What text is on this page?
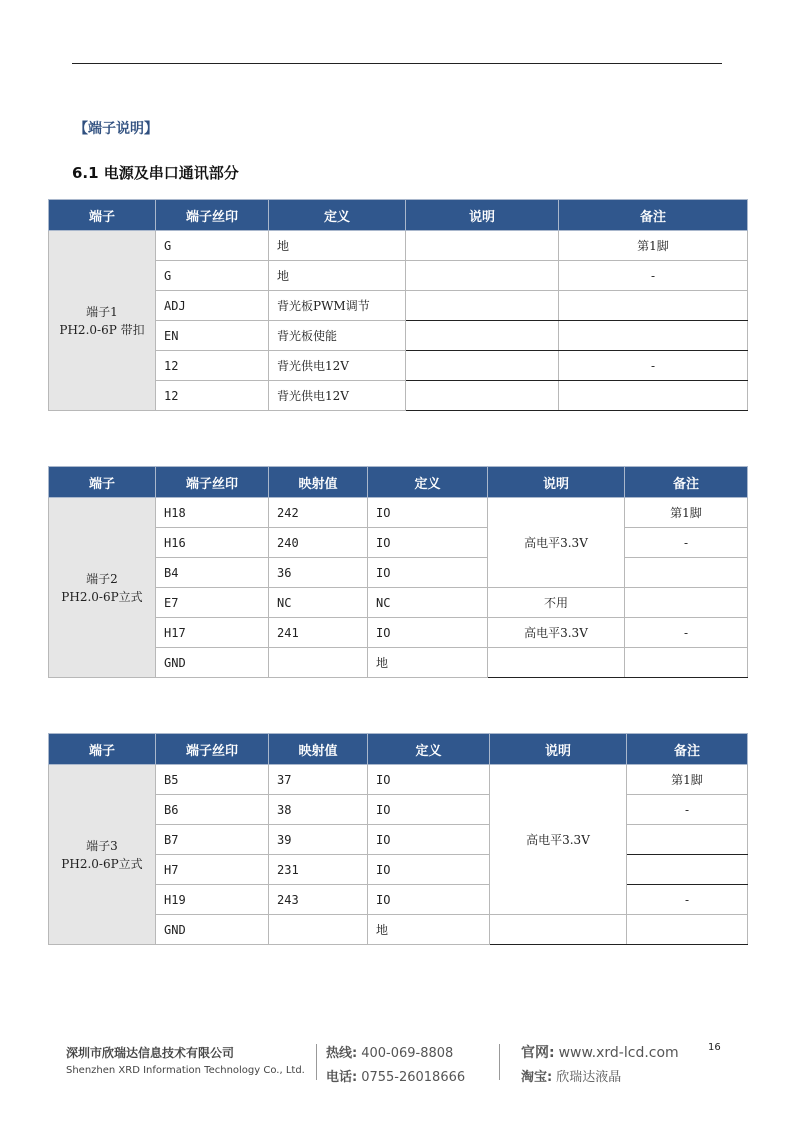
【端子说明】
6.1 电源及串口通讯部分
端子	端子丝印	定义	说明	备注
端子1
PH2.0-6P 带扣	G	地		第1脚
	G	地		-
	ADJ	背光板PWM调节		
	EN	背光板使能		
	12	背光供电12V		-
	12	背光供电12V		
端子	端子丝印	映射值	定义	说明	备注
端子2
PH2.0-6P立式	H18	242	IO	高电平3.3V	第1脚
	H16	240	IO		-
	B4	36	IO		
	E7	NC	NC	不用	
	H17	241	IO	高电平3.3V	-
	GND		地		
端子	端子丝印	映射值	定义	说明	备注
端子3
PH2.0-6P立式	B5	37	IO	高电平3.3V	第1脚
	B6	38	IO		-
	B7	39	IO		
	H7	231	IO		
	H19	243	IO		-
	GND		地		
深圳市欣瑞达信息技术有限公司
Shenzhen XRD Information Technology Co., Ltd.
热线: 400-069-8808
电话: 0755-26018666
官网: www.xrd-lcd.com
淘宝: 欣瑞达液晶
16
